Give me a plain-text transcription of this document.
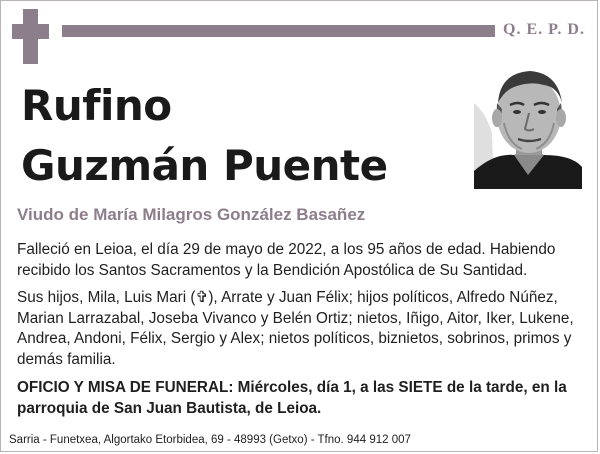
Q. E. P. D.
Rufino
Guzmán Puente
Viudo de María Milagros González Basañez
Falleció en Leioa, el día 29 de mayo de 2022, a los 95 años de edad. Habiendo recibido los Santos Sacramentos y la Bendición Apostólica de Su Santidad.
Sus hijos, Mila, Luis Mari (✞), Arrate y Juan Félix; hijos políticos, Alfredo Núñez, Marian Larrazabal, Joseba Vivanco y Belén Ortiz; nietos, Iñigo, Aitor, Iker, Lukene, Andrea, Andoni, Félix, Sergio y Alex; nietos políticos, biznietos, sobrinos, primos y demás familia.
OFICIO Y MISA DE FUNERAL: Miércoles, día 1, a las SIETE de la tarde, en la parroquia de San Juan Bautista, de Leioa.
Sarria - Funetxea, Algortako Etorbidea, 69 - 48993 (Getxo) - Tfno. 944 912 007
